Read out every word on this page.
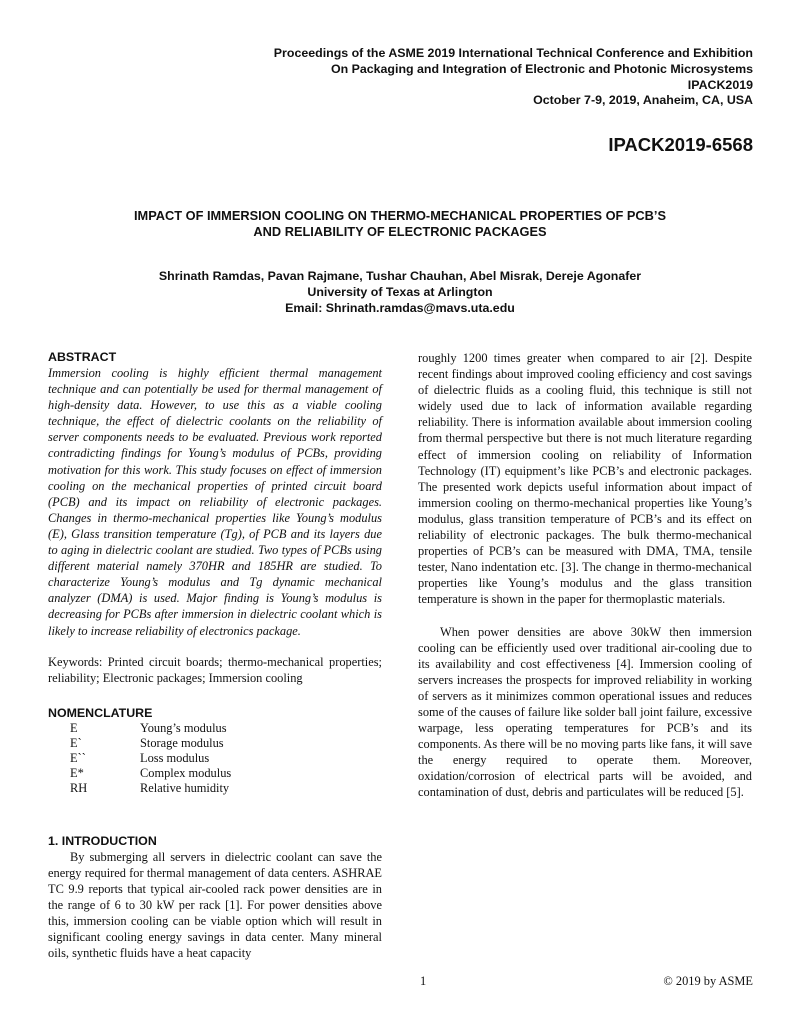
Proceedings of the ASME 2019 International Technical Conference and Exhibition
On Packaging and Integration of Electronic and Photonic Microsystems
IPACK2019
October 7-9, 2019, Anaheim, CA, USA
IPACK2019-6568
IMPACT OF IMMERSION COOLING ON THERMO-MECHANICAL PROPERTIES OF PCB’S
AND RELIABILITY OF ELECTRONIC PACKAGES
Shrinath Ramdas, Pavan Rajmane, Tushar Chauhan, Abel Misrak, Dereje Agonafer
University of Texas at Arlington
Email: Shrinath.ramdas@mavs.uta.edu
ABSTRACT

Immersion cooling is highly efficient thermal management technique and can potentially be used for thermal management of high-density data. However, to use this as a viable cooling technique, the effect of dielectric coolants on the reliability of server components needs to be evaluated. Previous work reported contradicting findings for Young’s modulus of PCBs, providing motivation for this work. This study focuses on effect of immersion cooling on the mechanical properties of printed circuit board (PCB) and its impact on reliability of electronic packages. Changes in thermo-mechanical properties like Young’s modulus (E), Glass transition temperature (Tg), of PCB and its layers due to aging in dielectric coolant are studied. Two types of PCBs using different material namely 370HR and 185HR are studied. To characterize Young’s modulus and Tg dynamic mechanical analyzer (DMA) is used. Major finding is Young’s modulus is decreasing for PCBs after immersion in dielectric coolant which is likely to increase reliability of electronics package.

Keywords: Printed circuit boards; thermo-mechanical properties; reliability; Electronic packages; Immersion cooling

NOMENCLATURE
E	Young’s modulus
E`	Storage modulus
E``	Loss modulus
E*	Complex modulus
RH	Relative humidity
1. INTRODUCTION

By submerging all servers in dielectric coolant can save the energy required for thermal management of data centers. ASHRAE TC 9.9 reports that typical air-cooled rack power densities are in the range of 6 to 30 kW per rack [1]. For power densities above this, immersion cooling can be viable option which will result in significant cooling energy savings in data center. Many mineral oils, synthetic fluids have a heat capacity

roughly 1200 times greater when compared to air [2]. Despite recent findings about improved cooling efficiency and cost savings of dielectric fluids as a cooling fluid, this technique is still not widely used due to lack of information available regarding reliability. There is information available about immersion cooling from thermal perspective but there is not much literature regarding effect of immersion cooling on reliability of Information Technology (IT) equipment’s like PCB’s and electronic packages. The presented work depicts useful information about impact of immersion cooling on thermo-mechanical properties like Young’s modulus, glass transition temperature of PCB’s and its effect on reliability of electronic packages. The bulk thermo-mechanical properties of PCB’s can be measured with DMA, TMA, tensile tester, Nano indentation etc. [3]. The change in thermo-mechanical properties like Young’s modulus and the glass transition temperature is shown in the paper for thermoplastic materials.

When power densities are above 30kW then immersion cooling can be efficiently used over traditional air-cooling due to its availability and cost effectiveness [4]. Immersion cooling of servers increases the prospects for improved reliability in working of servers as it minimizes common operational issues and reduces some of the causes of failure like solder ball joint failure, excessive warpage, less operating temperatures for PCB’s and its components. As there will be no moving parts like fans, it will save the energy required to operate them. Moreover, oxidation/corrosion of electrical parts will be avoided, and contamination of dust, debris and particulates will be reduced [5].

1	© 2019 by ASME
